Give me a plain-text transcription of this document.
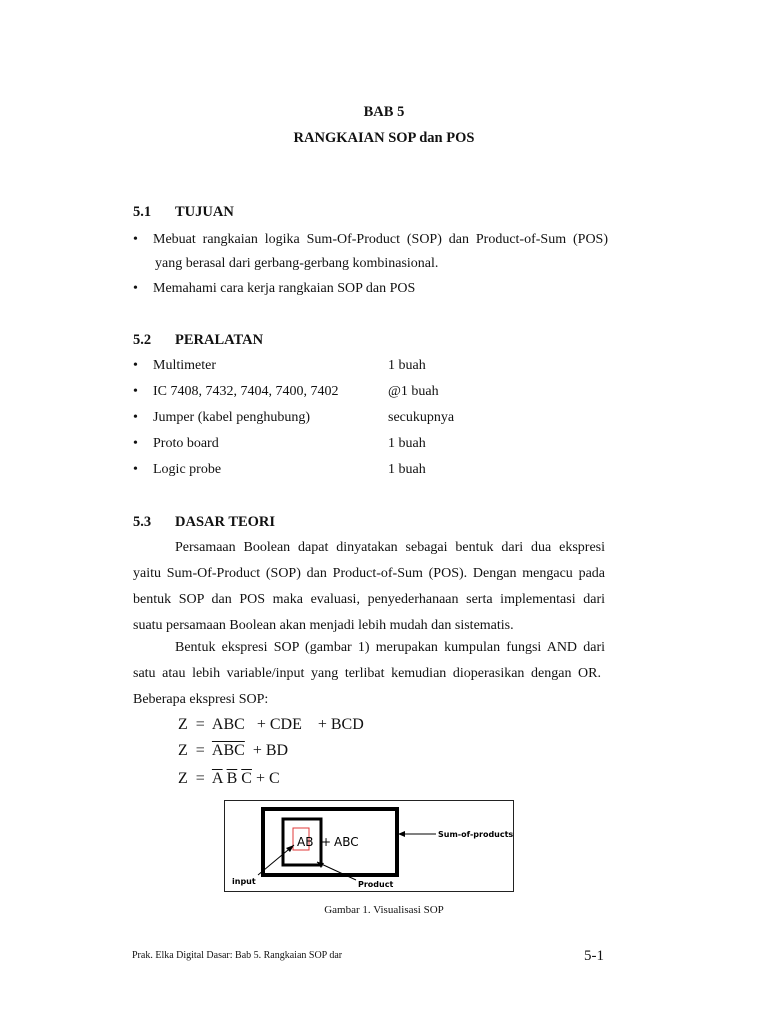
BAB 5
RANGKAIAN SOP dan POS
5.1 TUJUAN
• Mebuat rangkaian logika Sum-Of-Product (SOP) dan Product-of-Sum (POS)
yang berasal dari gerbang-gerbang kombinasional.
• Memahami cara kerja rangkaian SOP dan POS
5.2 PERALATAN
• Multimeter	1 buah
• IC 7408, 7432, 7404, 7400, 7402	@1 buah
• Jumper (kabel penghubung)	secukupnya
• Proto board	1 buah
• Logic probe	1 buah
5.3 DASAR TEORI
Persamaan Boolean dapat dinyatakan sebagai bentuk dari dua ekspresi
yaitu Sum-Of-Product (SOP) dan Product-of-Sum (POS). Dengan mengacu pada
bentuk SOP dan POS maka evaluasi, penyederhanaan serta implementasi dari
suatu persamaan Boolean akan menjadi lebih mudah dan sistematis.
Bentuk ekspresi SOP (gambar 1) merupakan kumpulan fungsi AND dari
satu atau lebih variable/input yang terlibat kemudian dioperasikan dengan OR.
Beberapa ekspresi SOP:
Z  =  ABC   + CDE    + BCD
$Z = \overline{ABC}$  + BD
$Z = \overline{A}$ $\overline{B}$ $\overline{C} + C$
AB + ABC
Sum-of-products
input	Product
Gambar 1. Visualisasi SOP
Prak. Elka Digital Dasar: Bab 5. Rangkaian SOP dar	5-1
